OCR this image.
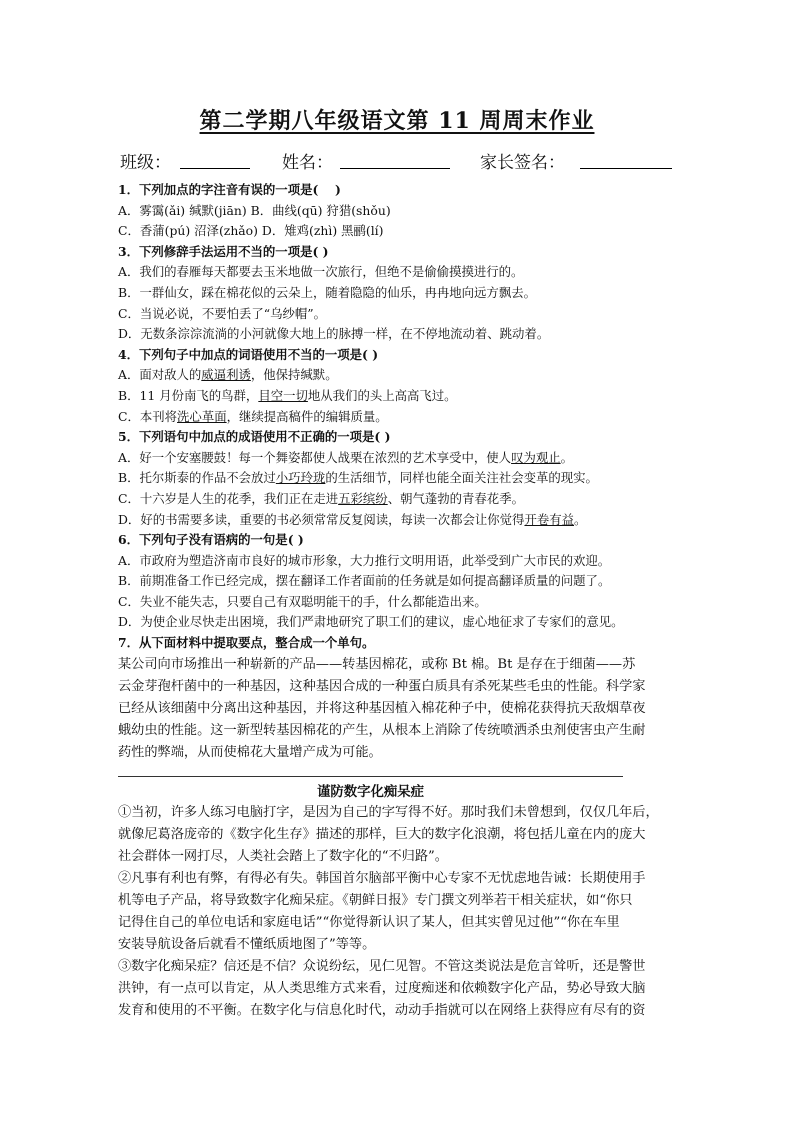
第二学期八年级语文第 11 周周末作业
班级：	姓名：	家长签名：
1．下列加点的字注音有误的一项是(　 )
A．雾霭(ǎi) 缄默(jiān) B．曲线(qū) 狩猎(shǒu)
C．香蒲(pú) 沼泽(zhǎo) D．雉鸡(zhì) 黑鹂(lí)
3．下列修辞手法运用不当的一项是( )
A．我们的春雁每天都要去玉米地做一次旅行，但绝不是偷偷摸摸进行的。
B．一群仙女，踩在棉花似的云朵上，随着隐隐的仙乐，冉冉地向远方飘去。
C．当说必说，不要怕丢了“乌纱帽”。
D．无数条淙淙流淌的小河就像大地上的脉搏一样，在不停地流动着、跳动着。
4．下列句子中加点的词语使用不当的一项是( )
A．面对敌人的威逼利诱，他保持缄默。
B．11 月份南飞的鸟群，目空一切地从我们的头上高高飞过。
C．本刊将洗心革面，继续提高稿件的编辑质量。
5．下列语句中加点的成语使用不正确的一项是( )
A．好一个安塞腰鼓！每一个舞姿都使人战栗在浓烈的艺术享受中，使人叹为观止。
B．托尔斯泰的作品不会放过小巧玲珑的生活细节，同样也能全面关注社会变革的现实。
C．十六岁是人生的花季，我们正在走进五彩缤纷、朝气蓬勃的青春花季。
D．好的书需要多读，重要的书必须常常反复阅读，每读一次都会让你觉得开卷有益。
6．下列句子没有语病的一句是( )
A．市政府为塑造济南市良好的城市形象，大力推行文明用语，此举受到广大市民的欢迎。
B．前期准备工作已经完成，摆在翻译工作者面前的任务就是如何提高翻译质量的问题了。
C．失业不能失志，只要自己有双聪明能干的手，什么都能造出来。
D．为使企业尽快走出困境，我们严肃地研究了职工们的建议，虚心地征求了专家们的意见。
7．从下面材料中提取要点，整合成一个单句。
某公司向市场推出一种崭新的产品——转基因棉花，或称 Bt 棉。Bt 是存在于细菌——苏
云金芽孢杆菌中的一种基因，这种基因合成的一种蛋白质具有杀死某些毛虫的性能。科学家
已经从该细菌中分离出这种基因，并将这种基因植入棉花种子中，使棉花获得抗天敌烟草夜
蛾幼虫的性能。这一新型转基因棉花的产生，从根本上消除了传统喷洒杀虫剂使害虫产生耐
药性的弊端，从而使棉花大量增产成为可能。
谨防数字化痴呆症
①当初，许多人练习电脑打字，是因为自己的字写得不好。那时我们未曾想到，仅仅几年后，
就像尼葛洛庞帝的《数字化生存》描述的那样，巨大的数字化浪潮，将包括儿童在内的庞大
社会群体一网打尽，人类社会踏上了数字化的“不归路”。
②凡事有利也有弊，有得必有失。韩国首尔脑部平衡中心专家不无忧虑地告诫：长期使用手
机等电子产品，将导致数字化痴呆症。《朝鲜日报》专门撰文列举若干相关症状，如“你只
记得住自己的单位电话和家庭电话”“你觉得新认识了某人，但其实曾见过他”“你在车里
安装导航设备后就看不懂纸质地图了”等等。
③数字化痴呆症？信还是不信？众说纷纭，见仁见智。不管这类说法是危言耸听，还是警世
洪钟，有一点可以肯定，从人类思维方式来看，过度痴迷和依赖数字化产品，势必导致大脑
发育和使用的不平衡。在数字化与信息化时代，动动手指就可以在网络上获得应有尽有的资
